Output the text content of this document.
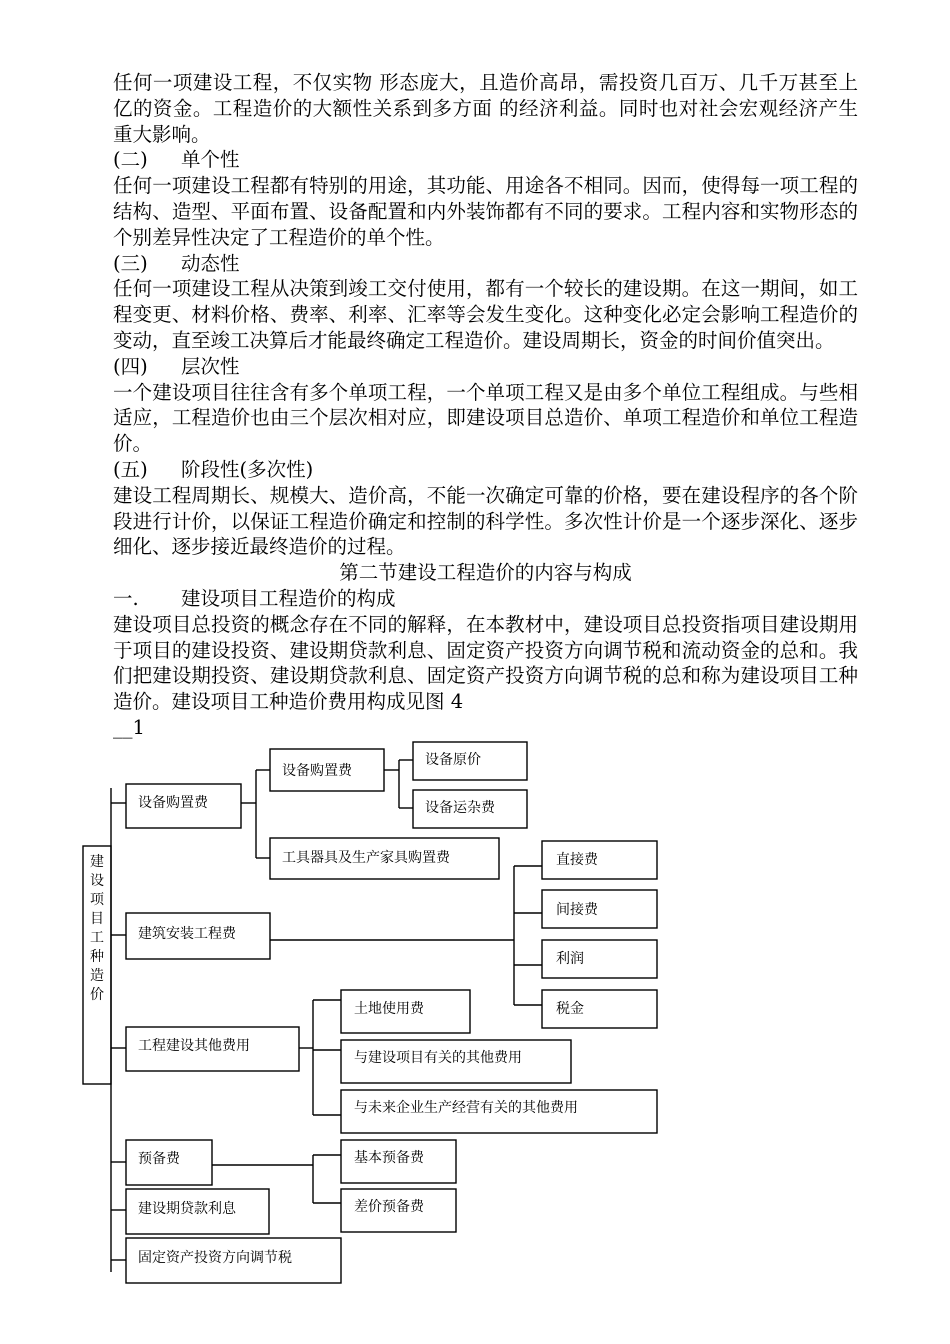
任何一项建设工程，不仅实物 形态庞大，且造价高昂，需投资几百万、几千万甚至上亿的资金。工程造价的大额性关系到多方面 的经济利益。同时也对社会宏观经济产生重大影响。

(二)	单个性

任何一项建设工程都有特别的用途，其功能、用途各不相同。因而，使得每一项工程的结构、造型、平面布置、设备配置和内外装饰都有不同的要求。工程内容和实物形态的个别差异性决定了工程造价的单个性。

(三)	动态性

任何一项建设工程从决策到竣工交付使用，都有一个较长的建设期。在这一期间，如工程变更、材料价格、费率、利率、汇率等会发生变化。这种变化必定会影响工程造价的变动，直至竣工决算后才能最终确定工程造价。建设周期长，资金的时间价值突出。

(四)	层次性

一个建设项目往往含有多个单项工程，一个单项工程又是由多个单位工程组成。与些相适应，工程造价也由三个层次相对应，即建设项目总造价、单项工程造价和单位工程造价。

(五)	阶段性(多次性)

建设工程周期长、规模大、造价高，不能一次确定可靠的价格，要在建设程序的各个阶段进行计价，以保证工程造价确定和控制的科学性。多次性计价是一个逐步深化、逐步细化、逐步接近最终造价的过程。

第二节建设工程造价的内容与构成

一.	建设项目工程造价的构成

建设项目总投资的概念存在不同的解释，在本教材中，建设项目总投资指项目建设期用于项目的建设投资、建设期贷款利息、固定资产投资方向调节税和流动资金的总和。我们把建设期投资、建设期贷款利息、固定资产投资方向调节税的总和称为建设项目工种造价。建设项目工种造价费用构成见图 4
__1

建
设
项
目
工
种
造
价
设备购置费
建筑安装工程费
工程建设其他费用
预备费
建设期贷款利息
固定资产投资方向调节税
设备购置费
工具器具及生产家具购置费
设备原价
设备运杂费
直接费
间接费
利润
税金
土地使用费
与建设项目有关的其他费用
与未来企业生产经营有关的其他费用
基本预备费
差价预备费
